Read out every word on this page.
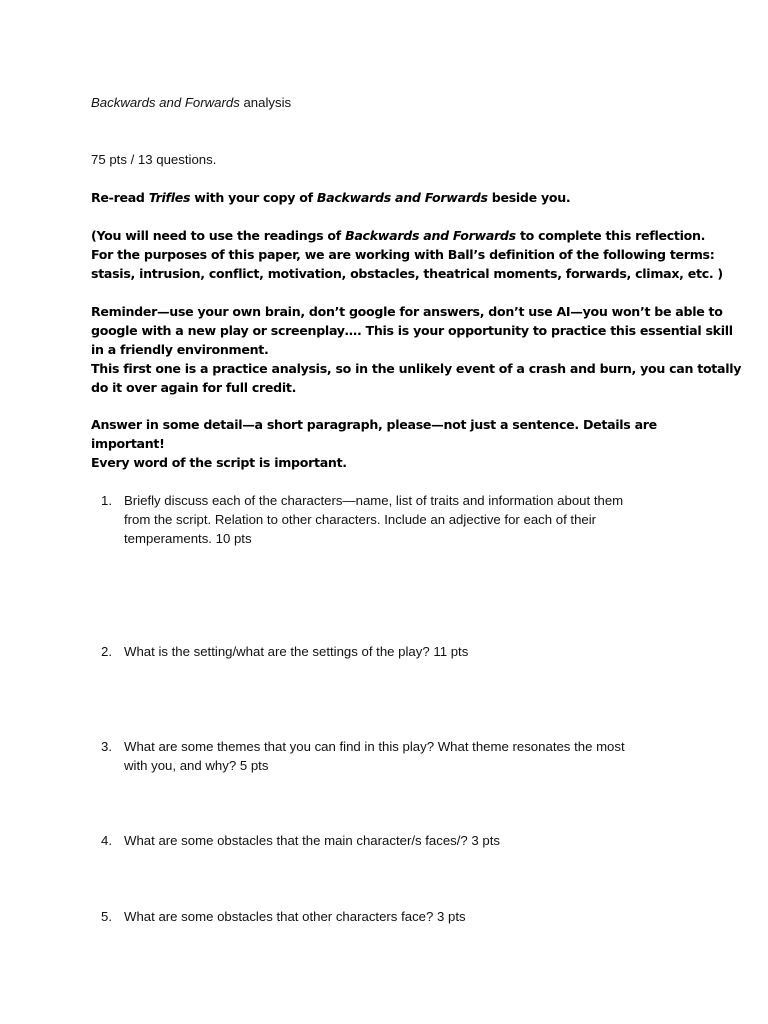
Backwards and Forwards analysis

75 pts / 13 questions.

Re-read Trifles with your copy of Backwards and Forwards beside you.

(You will need to use the readings of Backwards and Forwards to complete this reflection.

For the purposes of this paper, we are working with Ball’s definition of the following terms:

stasis, intrusion, conflict, motivation, obstacles, theatrical moments, forwards, climax, etc. )

Reminder—use your own brain, don’t google for answers, don’t use AI—you won’t be able to

google with a new play or screenplay…. This is your opportunity to practice this essential skill

in a friendly environment.

This first one is a practice analysis, so in the unlikely event of a crash and burn, you can totally

do it over again for full credit.

Answer in some detail—a short paragraph, please—not just a sentence. Details are

important!

Every word of the script is important.

1. Briefly discuss each of the characters—name, list of traits and information about them
from the script. Relation to other characters. Include an adjective for each of their
temperaments. 10 pts
2. What is the setting/what are the settings of the play? 11 pts
3. What are some themes that you can find in this play? What theme resonates the most
with you, and why? 5 pts
4. What are some obstacles that the main character/s faces/? 3 pts
5. What are some obstacles that other characters face? 3 pts
